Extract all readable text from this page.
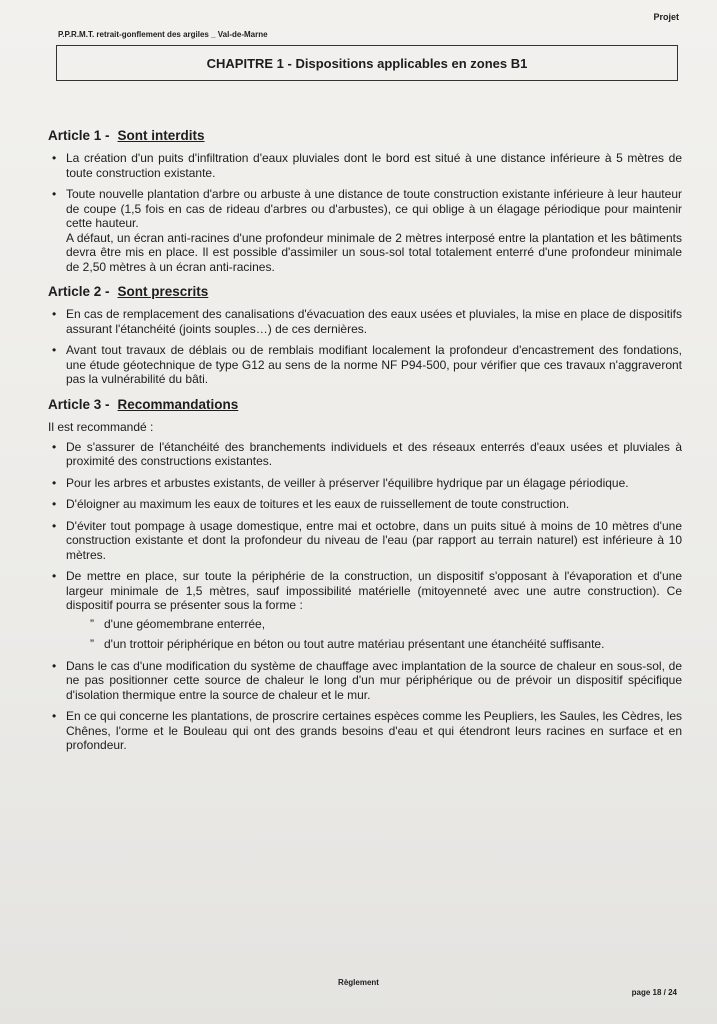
Projet
P.P.R.M.T. retrait-gonflement des argiles _ Val-de-Marne
CHAPITRE 1 - Dispositions applicables en zones B1
Article 1 - Sont interdits
• La création d'un puits d'infiltration d'eaux pluviales dont le bord est situé à une distance inférieure à 5 mètres de toute construction existante.
• Toute nouvelle plantation d'arbre ou arbuste à une distance de toute construction existante inférieure à leur hauteur de coupe (1,5 fois en cas de rideau d'arbres ou d'arbustes), ce qui oblige à un élagage périodique pour maintenir cette hauteur.
A défaut, un écran anti-racines d'une profondeur minimale de 2 mètres interposé entre la plantation et les bâtiments devra être mis en place. Il est possible d'assimiler un sous-sol total totalement enterré d'une profondeur minimale de 2,50 mètres à un écran anti-racines.
Article 2 - Sont prescrits
• En cas de remplacement des canalisations d'évacuation des eaux usées et pluviales, la mise en place de dispositifs assurant l'étanchéité (joints souples…) de ces dernières.
• Avant tout travaux de déblais ou de remblais modifiant localement la profondeur d'encastrement des fondations, une étude géotechnique de type G12 au sens de la norme NF P94-500, pour vérifier que ces travaux n'aggraveront pas la vulnérabilité du bâti.
Article 3 - Recommandations
Il est recommandé :
• De s'assurer de l'étanchéité des branchements individuels et des réseaux enterrés d'eaux usées et pluviales à proximité des constructions existantes.
• Pour les arbres et arbustes existants, de veiller à préserver l'équilibre hydrique par un élagage périodique.
• D'éloigner au maximum les eaux de toitures et les eaux de ruissellement de toute construction.
• D'éviter tout pompage à usage domestique, entre mai et octobre, dans un puits situé à moins de 10 mètres d'une construction existante et dont la profondeur du niveau de l'eau (par rapport au terrain naturel) est inférieure à 10 mètres.
• De mettre en place, sur toute la périphérie de la construction, un dispositif s'opposant à l'évaporation et d'une largeur minimale de 1,5 mètres, sauf impossibilité matérielle (mitoyenneté avec une autre construction). Ce dispositif pourra se présenter sous la forme :
” d'une géomembrane enterrée,
” d'un trottoir périphérique en béton ou tout autre matériau présentant une étanchéité suffisante.
• Dans le cas d'une modification du système de chauffage avec implantation de la source de chaleur en sous-sol, de ne pas positionner cette source de chaleur le long d'un mur périphérique ou de prévoir un dispositif spécifique d'isolation thermique entre la source de chaleur et le mur.
• En ce qui concerne les plantations, de proscrire certaines espèces comme les Peupliers, les Saules, les Cèdres, les Chênes, l'orme et le Bouleau qui ont des grands besoins d'eau et qui étendront leurs racines en surface et en profondeur.
Règlement
page 18 / 24
